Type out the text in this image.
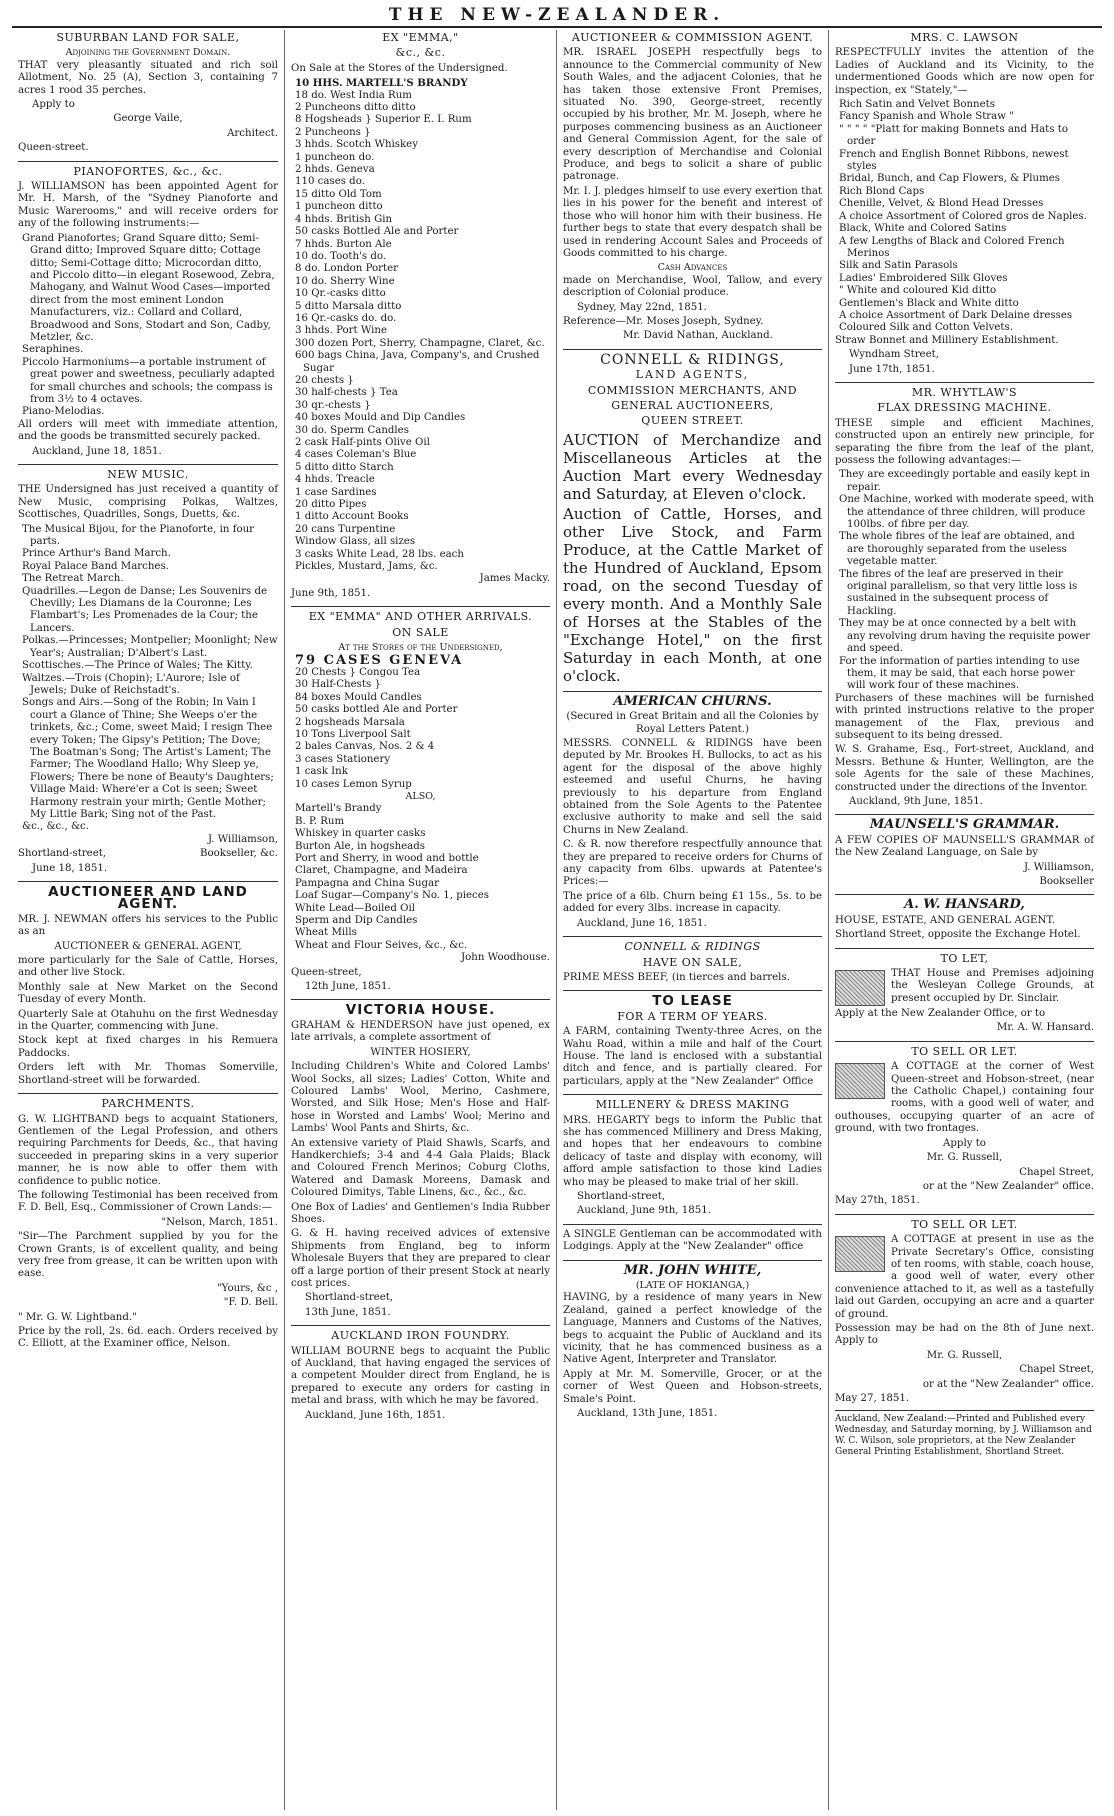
THE NEW-ZEALANDER.
SUBURBAN LAND FOR SALE,
Adjoining the Government Domain.

THAT very pleasantly situated and rich soil Allotment, No. 25 (A), Section 3, containing 7 acres 1 rood 35 perches.

Apply to

George Vaile,

Architect.

Queen-street.

PIANOFORTES, &c., &c.

J. WILLIAMSON has been appointed Agent for Mr. H. Marsh, of the "Sydney Pianoforte and Music Warerooms," and will receive orders for any of the following instruments:—

Grand Pianofortes; Grand Square ditto; Semi-Grand ditto; Improved Square ditto; Cottage ditto; Semi-Cottage ditto; Microcordan ditto, and Piccolo ditto—in elegant Rosewood, Zebra, Mahogany, and Walnut Wood Cases—imported direct from the most eminent London Manufacturers, viz.: Collard and Collard, Broadwood and Sons, Stodart and Son, Cadby, Metzler, &c.
Seraphines.
Piccolo Harmoniums—a portable instrument of great power and sweetness, peculiarly adapted for small churches and schools; the compass is from 3½ to 4 octaves.
Piano-Melodias.

All orders will meet with immediate attention, and the goods be transmitted securely packed.

Auckland, June 18, 1851.

NEW MUSIC.

THE Undersigned has just received a quantity of New Music, comprising Polkas, Waltzes, Scottisches, Quadrilles, Songs, Duetts, &c.

The Musical Bijou, for the Pianoforte, in four parts.
Prince Arthur's Band March.
Royal Palace Band Marches.
The Retreat March.
Quadrilles.—Legon de Danse; Les Souvenirs de Chevilly; Les Diamans de la Couronne; Les Flambart's; Les Promenades de la Cour; the Lancers.
Polkas.—Princesses; Montpelier; Moonlight; New Year's; Australian; D'Albert's Last.
Scottisches.—The Prince of Wales; The Kitty.
Waltzes.—Trois (Chopin); L'Aurore; Isle of Jewels; Duke of Reichstadt's.
Songs and Airs.—Song of the Robin; In Vain I court a Glance of Thine; She Weeps o'er the trinkets, &c.; Come, sweet Maid; I resign Thee every Token; The Gipsy's Petition; The Dove; The Boatman's Song; The Artist's Lament; The Farmer; The Woodland Hallo; Why Sleep ye, Flowers; There be none of Beauty's Daughters; Village Maid: Where'er a Cot is seen; Sweet Harmony restrain your mirth; Gentle Mother; My Little Bark; Sing not of the Past.
&c., &c., &c.

J. Williamson,

Shortland-street,	Bookseller, &c.

June 18, 1851.

AUCTIONEER AND LAND AGENT.

MR. J. NEWMAN offers his services to the Public as an

AUCTIONEER & GENERAL AGENT,

more particularly for the Sale of Cattle, Horses, and other live Stock.

Monthly sale at New Market on the Second Tuesday of every Month.

Quarterly Sale at Otahuhu on the first Wednesday in the Quarter, commencing with June.

Stock kept at fixed charges in his Remuera Paddocks.

Orders left with Mr. Thomas Somerville, Shortland-street will be forwarded.

PARCHMENTS.

G. W. LIGHTBAND begs to acquaint Stationers, Gentlemen of the Legal Profession, and others requiring Parchments for Deeds, &c., that having succeeded in preparing skins in a very superior manner, he is now able to offer them with confidence to public notice.

The following Testimonial has been received from F. D. Bell, Esq., Commissioner of Crown Lands:—

"Nelson, March, 1851.

"Sir—The Parchment supplied by you for the Crown Grants, is of excellent quality, and being very free from grease, it can be written upon with ease.

"Yours, &c ,

"F. D. Bell.

" Mr. G. W. Lightband."

Price by the roll, 2s. 6d. each. Orders received by C. Elliott, at the Examiner office, Nelson.

EX "EMMA,"
&c., &c.

On Sale at the Stores of the Undersigned.

10 HHS. MARTELL'S BRANDY
18 do. West India Rum
2 Puncheons ditto ditto
8 Hogsheads } Superior E. I. Rum
2 Puncheons }
3 hhds. Scotch Whiskey
1 puncheon do.
2 hhds. Geneva
110 cases do.
15 ditto Old Tom
1 puncheon ditto
4 hhds. British Gin
50 casks Bottled Ale and Porter
7 hhds. Burton Ale
10 do. Tooth's do.
8 do. London Porter
10 do. Sherry Wine
10 Qr.-casks ditto
5 ditto Marsala ditto
16 Qr.-casks do. do.
3 hhds. Port Wine
300 dozen Port, Sherry, Champagne, Claret, &c.
600 bags China, Java, Company's, and Crushed Sugar
20 chests }
30 half-chests } Tea
30 qr.-chests }
40 boxes Mould and Dip Candles
30 do. Sperm Candles
2 cask Half-pints Olive Oil
4 cases Coleman's Blue
5 ditto ditto Starch
4 hhds. Treacle
1 case Sardines
20 ditto Pipes
1 ditto Account Books
20 cans Turpentine
Window Glass, all sizes
3 casks White Lead, 28 lbs. each
Pickles, Mustard, Jams, &c.

James Macky.

June 9th, 1851.

EX "EMMA" AND OTHER ARRIVALS.
ON SALE
At the Stores of the Undersigned,
79 CASES GENEVA
20 Chests } Congou Tea
30 Half-Chests }
84 boxes Mould Candles
50 casks bottled Ale and Porter
2 hogsheads Marsala
10 Tons Liverpool Salt
2 bales Canvas, Nos. 2 & 4
3 cases Stationery
1 cask Ink
10 cases Lemon Syrup
ALSO,
Martell's Brandy
B. P. Rum
Whiskey in quarter casks
Burton Ale, in hogsheads
Port and Sherry, in wood and bottle
Claret, Champagne, and Madeira
Pampagna and China Sugar
Loaf Sugar—Company's No. 1, pieces
White Lead—Boiled Oil
Sperm and Dip Candles
Wheat Mills
Wheat and Flour Seives, &c., &c.

John Woodhouse.

Queen-street,

12th June, 1851.

VICTORIA HOUSE.

GRAHAM & HENDERSON have just opened, ex late arrivals, a complete assortment of

WINTER HOSIERY,

Including Children's White and Colored Lambs' Wool Socks, all sizes; Ladies' Cotton, White and Coloured Lambs' Wool, Merino, Cashmere, Worsted, and Silk Hose; Men's Hose and Half-hose in Worsted and Lambs' Wool; Merino and Lambs' Wool Pants and Shirts, &c.

An extensive variety of Plaid Shawls, Scarfs, and Handkerchiefs; 3-4 and 4-4 Gala Plaids; Black and Coloured French Merinos; Coburg Cloths, Watered and Damask Moreens, Damask and Coloured Dimitys, Table Linens, &c., &c., &c.

One Box of Ladies' and Gentlemen's India Rubber Shoes.

G. & H. having received advices of extensive Shipments from England, beg to inform Wholesale Buyers that they are prepared to clear off a large portion of their present Stock at nearly cost prices.

Shortland-street,

13th June, 1851.

AUCKLAND IRON FOUNDRY.

WILLIAM BOURNE begs to acquaint the Public of Auckland, that having engaged the services of a competent Moulder direct from England, he is prepared to execute any orders for casting in metal and brass, with which he may be favored.

Auckland, June 16th, 1851.

AUCTIONEER & COMMISSION AGENT.

MR. ISRAEL JOSEPH respectfully begs to announce to the Commercial community of New South Wales, and the adjacent Colonies, that he has taken those extensive Front Premises, situated No. 390, George-street, recently occupied by his brother, Mr. M. Joseph, where he purposes commencing business as an Auctioneer and General Commission Agent, for the sale of every description of Merchandise and Colonial Produce, and begs to solicit a share of public patronage.

Mr. I. J. pledges himself to use every exertion that lies in his power for the benefit and interest of those who will honor him with their business. He further begs to state that every despatch shall be used in rendering Account Sales and Proceeds of Goods committed to his charge.

Cash Advances

made on Merchandise, Wool, Tallow, and every description of Colonial produce.

Sydney, May 22nd, 1851.

Reference—Mr. Moses Joseph, Sydney.

Mr. David Nathan, Auckland.

CONNELL & RIDINGS,
LAND AGENTS,
COMMISSION MERCHANTS, AND
GENERAL AUCTIONEERS,
QUEEN STREET.

AUCTION of Merchandize and Miscellaneous Articles at the Auction Mart every Wednesday and Saturday, at Eleven o'clock.

Auction of Cattle, Horses, and other Live Stock, and Farm Produce, at the Cattle Market of the Hundred of Auckland, Epsom road, on the second Tuesday of every month. And a Monthly Sale of Horses at the Stables of the "Exchange Hotel," on the first Saturday in each Month, at one o'clock.

AMERICAN CHURNS.

(Secured in Great Britain and all the Colonies by Royal Letters Patent.)

MESSRS. CONNELL & RIDINGS have been deputed by Mr. Brookes H. Bullocks, to act as his agent for the disposal of the above highly esteemed and useful Churns, he having previously to his departure from England obtained from the Sole Agents to the Patentee exclusive authority to make and sell the said Churns in New Zealand.

C. & R. now therefore respectfully announce that they are prepared to receive orders for Churns of any capacity from 6lbs. upwards at Patentee's Prices:—

The price of a 6lb. Churn being £1 15s., 5s. to be added for every 3lbs. increase in capacity.

Auckland, June 16, 1851.

CONNELL & RIDINGS
HAVE ON SALE,

PRIME MESS BEEF, (in tierces and barrels.

TO LEASE
FOR A TERM OF YEARS.

A FARM, containing Twenty-three Acres, on the Wahu Road, within a mile and half of the Court House. The land is enclosed with a substantial ditch and fence, and is partially cleared. For particulars, apply at the "New Zealander" Office

MILLENERY & DRESS MAKING

MRS. HEGARTY begs to inform the Public that she has commenced Millinery and Dress Making, and hopes that her endeavours to combine delicacy of taste and display with economy, will afford ample satisfaction to those kind Ladies who may be pleased to make trial of her skill.

Shortland-street,

Auckland, June 9th, 1851.

A SINGLE Gentleman can be accommodated with Lodgings. Apply at the "New Zealander" office

MR. JOHN WHITE,
(LATE OF HOKIANGA,)

HAVING, by a residence of many years in New Zealand, gained a perfect knowledge of the Language, Manners and Customs of the Natives, begs to acquaint the Public of Auckland and its vicinity, that he has commenced business as a Native Agent, Interpreter and Translator.

Apply at Mr. M. Somerville, Grocer, or at the corner of West Queen and Hobson-streets, Smale's Point.

Auckland, 13th June, 1851.

MRS. C. LAWSON

RESPECTFULLY invites the attention of the Ladies of Auckland and its Vicinity, to the undermentioned Goods which are now open for inspection, ex "Stately,"—

Rich Satin and Velvet Bonnets
Fancy Spanish and Whole Straw "
" " " " "Platt for making Bonnets and Hats to order
French and English Bonnet Ribbons, newest styles
Bridal, Bunch, and Cap Flowers, & Plumes
Rich Blond Caps
Chenille, Velvet, & Blond Head Dresses
A choice Assortment of Colored gros de Naples.
Black, White and Colored Satins
A few Lengths of Black and Colored French Merinos
Silk and Satin Parasols
Ladies' Embroidered Silk Gloves
" White and coloured Kid ditto
Gentlemen's Black and White ditto
A choice Assortment of Dark Delaine dresses
Coloured Silk and Cotton Velvets.

Straw Bonnet and Millinery Establishment.

Wyndham Street,

June 17th, 1851.

MR. WHYTLAW'S
FLAX DRESSING MACHINE.

THESE simple and efficient Machines, constructed upon an entirely new principle, for separating the fibre from the leaf of the plant, possess the following advantages:—

They are exceedingly portable and easily kept in repair.
One Machine, worked with moderate speed, with the attendance of three children, will produce 100lbs. of fibre per day.
The whole fibres of the leaf are obtained, and are thoroughly separated from the useless vegetable matter.
The fibres of the leaf are preserved in their original parallelism, so that very little loss is sustained in the subsequent process of Hackling.
They may be at once connected by a belt with any revolving drum having the requisite power and speed.
For the information of parties intending to use them, it may be said, that each horse power will work four of these machines.

Purchasers of these machines will be furnished with printed instructions relative to the proper management of the Flax, previous and subsequent to its being dressed.

W. S. Grahame, Esq., Fort-street, Auckland, and Messrs. Bethune & Hunter, Wellington, are the sole Agents for the sale of these Machines, constructed under the directions of the Inventor.

Auckland, 9th June, 1851.

MAUNSELL'S GRAMMAR.

A FEW COPIES OF MAUNSELL'S GRAMMAR of the New Zealand Language, on Sale by

J. Williamson,

Bookseller

A. W. HANSARD,

HOUSE, ESTATE, AND GENERAL AGENT.

Shortland Street, opposite the Exchange Hotel.

TO LET,

THAT House and Premises adjoining the Wesleyan College Grounds, at present occupied by Dr. Sinclair.

Apply at the New Zealander Office, or to

Mr. A. W. Hansard.

TO SELL OR LET.

A COTTAGE at the corner of West Queen-street and Hobson-street, (near the Catholic Chapel,) containing four rooms, with a good well of water, and outhouses, occupying quarter of an acre of ground, with two frontages.

Apply to

Mr. G. Russell,

Chapel Street,

or at the "New Zealander" office.

May 27th, 1851.

TO SELL OR LET.

A COTTAGE at present in use as the Private Secretary's Office, consisting of ten rooms, with stable, coach house, a good well of water, every other convenience attached to it, as well as a tastefully laid out Garden, occupying an acre and a quarter of ground.

Possession may be had on the 8th of June next. Apply to

Mr. G. Russell,

Chapel Street,

or at the "New Zealander" office.

May 27, 1851.

Auckland, New Zealand:—Printed and Published every Wednesday, and Saturday morning, by J. Williamson and W. C. Wilson, sole proprietors, at the New Zealander General Printing Establishment, Shortland Street.
